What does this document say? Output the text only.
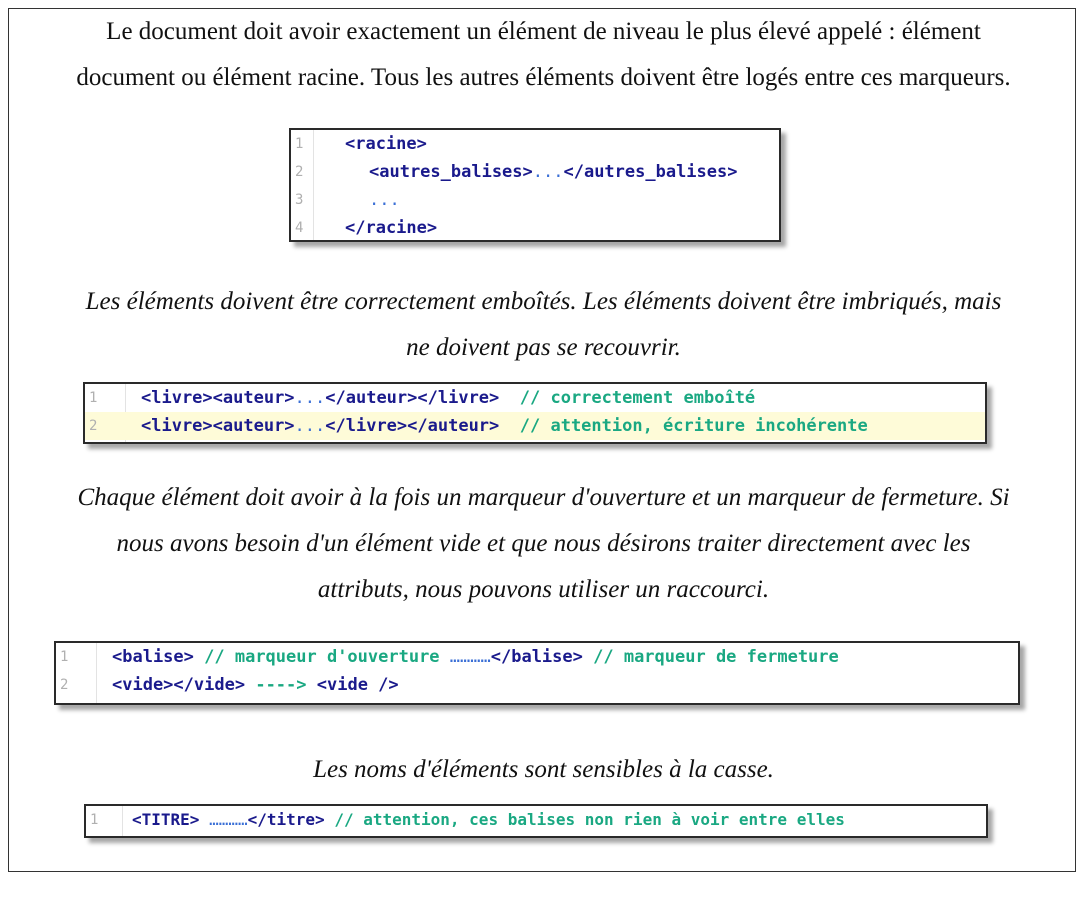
Le document doit avoir exactement un élément de niveau le plus élevé appelé : élément
document ou élément racine. Tous les autres éléments doivent être logés entre ces marqueurs.

1

<racine>

2

	<autres_balises>...</autres_balises>

3

	...

4

</racine>

Les éléments doivent être correctement emboîtés. Les éléments doivent être imbriqués, mais
ne doivent pas se recouvrir.

1

	<livre><auteur>...</auteur></livre> // correctement emboîté

2

	<livre><auteur>...</livre></auteur> // attention, écriture incohérente

Chaque élément doit avoir à la fois un marqueur d'ouverture et un marqueur de fermeture. Si
nous avons besoin d'un élément vide et que nous désirons traiter directement avec les
attributs, nous pouvons utiliser un raccourci.

1

	<balise> // marqueur d'ouverture …………</balise> // marqueur de fermeture

2

	<vide></vide> ----> <vide />

Les noms d'éléments sont sensibles à la casse.

1

<TITRE> …………</titre> // attention, ces balises non rien à voir entre elles
